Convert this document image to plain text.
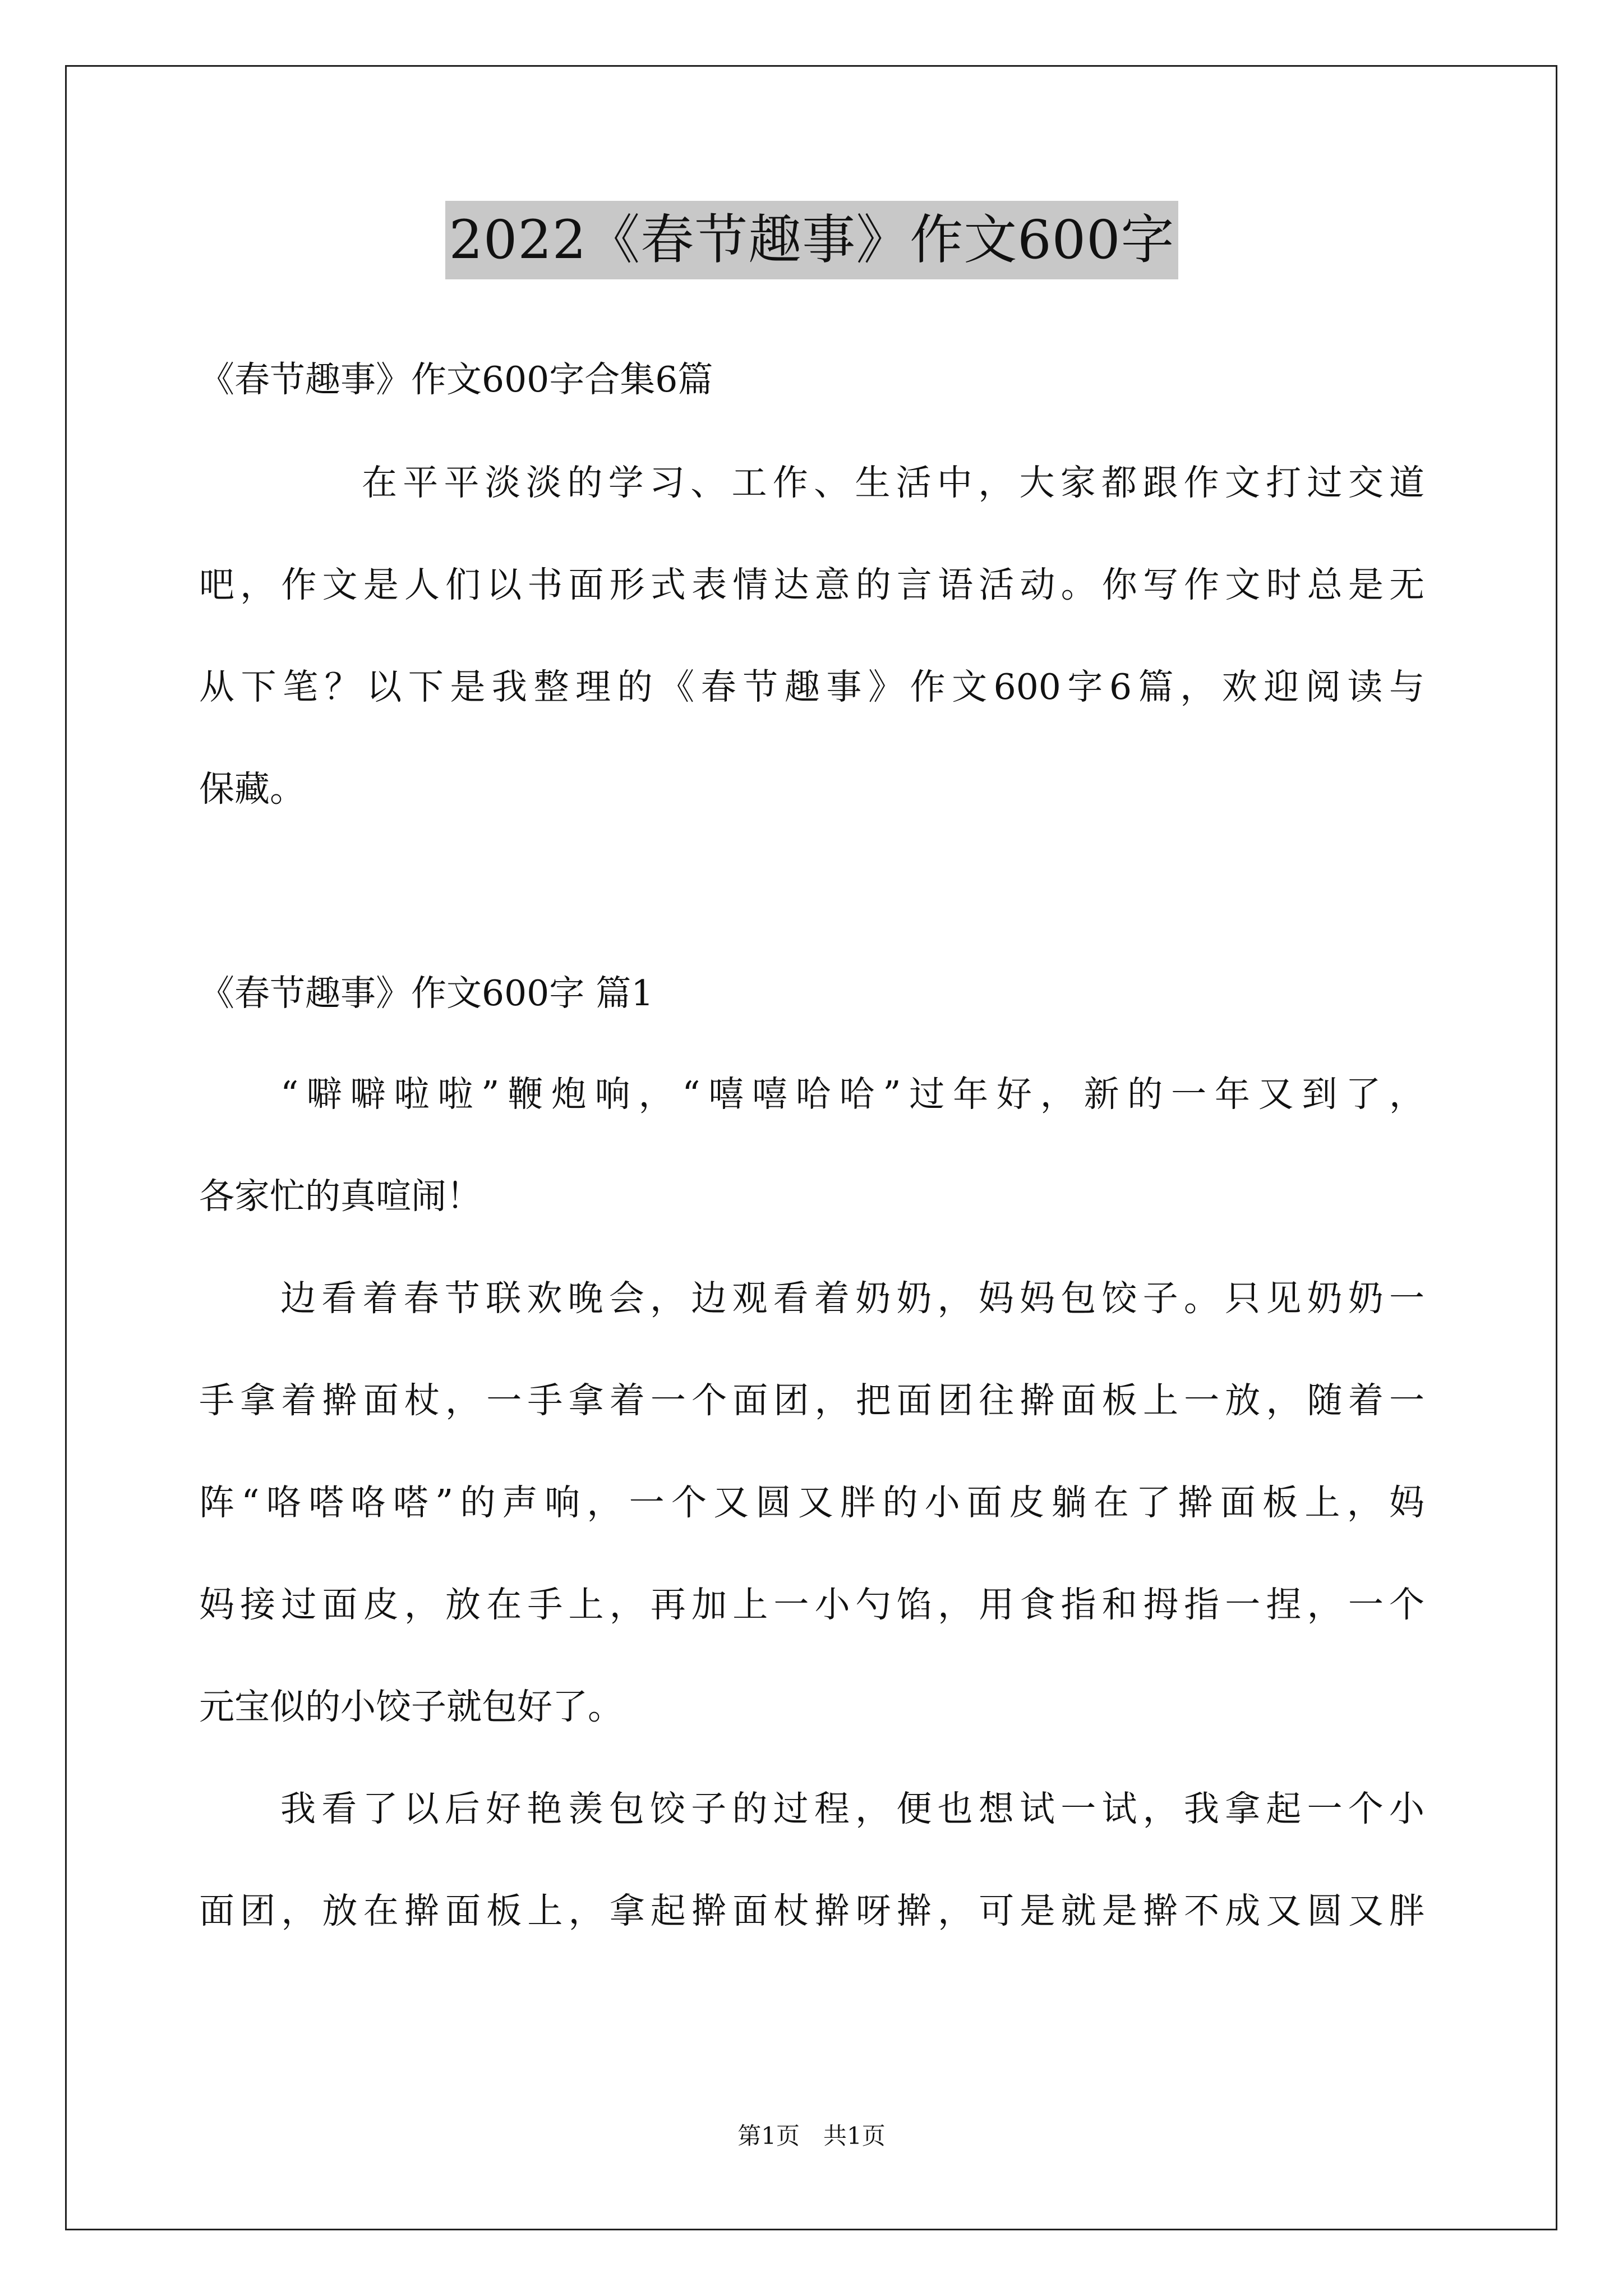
2022《春节趣事》作文600字
《春节趣事》作文600字合集6篇
在平平淡淡的学习、工作、生活中，大家都跟作文打过交道
吧，作文是人们以书面形式表情达意的言语活动。你写作文时总是无
从下笔？以下是我整理的《春节趣事》作文600字6篇，欢迎阅读与
保藏。
《春节趣事》作文600字 篇1
“噼噼啦啦”鞭炮响，“嘻嘻哈哈”过年好，新的一年又到了，
各家忙的真喧闹！
边看着春节联欢晚会，边观看着奶奶，妈妈包饺子。只见奶奶一
手拿着擀面杖，一手拿着一个面团，把面团往擀面板上一放，随着一
阵“咯嗒咯嗒”的声响，一个又圆又胖的小面皮躺在了擀面板上，妈
妈接过面皮，放在手上，再加上一小勺馅，用食指和拇指一捏，一个
元宝似的小饺子就包好了。
我看了以后好艳羡包饺子的过程，便也想试一试，我拿起一个小
面团，放在擀面板上，拿起擀面杖擀呀擀，可是就是擀不成又圆又胖
第1页　共1页
